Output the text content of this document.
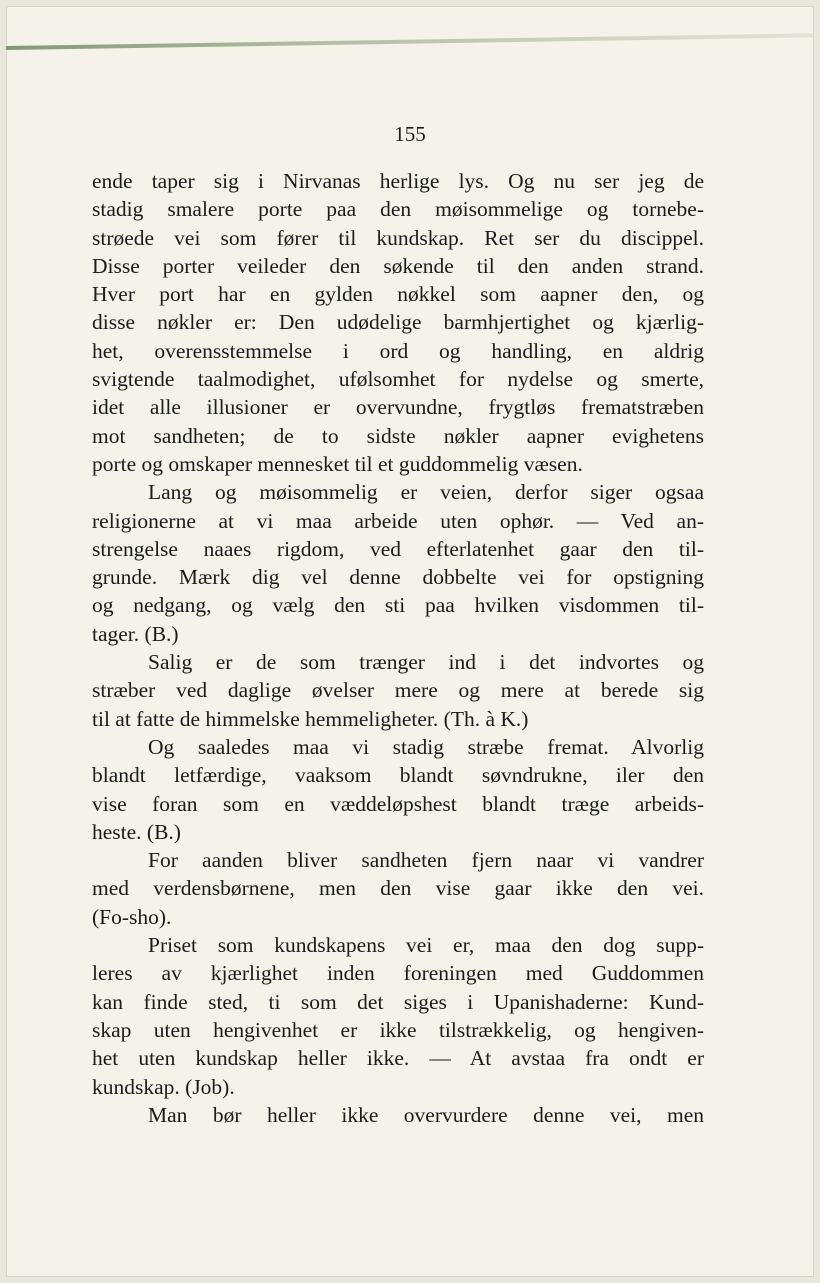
155
ende taper sig i Nirvanas herlige lys. Og nu ser jeg de
stadig smalere porte paa den møisommelige og tornebe-
strøede vei som fører til kundskap. Ret ser du discippel.
Disse porter veileder den søkende til den anden strand.
Hver port har en gylden nøkkel som aapner den, og
disse nøkler er: Den udødelige barmhjertighet og kjærlig-
het, overensstemmelse i ord og handling, en aldrig
svigtende taalmodighet, ufølsomhet for nydelse og smerte,
idet alle illusioner er overvundne, frygtløs frematstræben
mot sandheten; de to sidste nøkler aapner evighetens
porte og omskaper mennesket til et guddommelig væsen.
Lang og møisommelig er veien, derfor siger ogsaa
religionerne at vi maa arbeide uten ophør. — Ved an-
strengelse naaes rigdom, ved efterlatenhet gaar den til-
grunde. Mærk dig vel denne dobbelte vei for opstigning
og nedgang, og vælg den sti paa hvilken visdommen til-
tager. (B.)
Salig er de som trænger ind i det indvortes og
stræber ved daglige øvelser mere og mere at berede sig
til at fatte de himmelske hemmeligheter. (Th. à K.)
Og saaledes maa vi stadig stræbe fremat. Alvorlig
blandt letfærdige, vaaksom blandt søvndrukne, iler den
vise foran som en væddeløpshest blandt træge arbeids-
heste. (B.)
For aanden bliver sandheten fjern naar vi vandrer
med verdensbørnene, men den vise gaar ikke den vei.
(Fo-sho).
Priset som kundskapens vei er, maa den dog supp-
leres av kjærlighet inden foreningen med Guddommen
kan finde sted, ti som det siges i Upanishaderne: Kund-
skap uten hengivenhet er ikke tilstrækkelig, og hengiven-
het uten kundskap heller ikke. — At avstaa fra ondt er
kundskap. (Job).
Man bør heller ikke overvurdere denne vei, men
